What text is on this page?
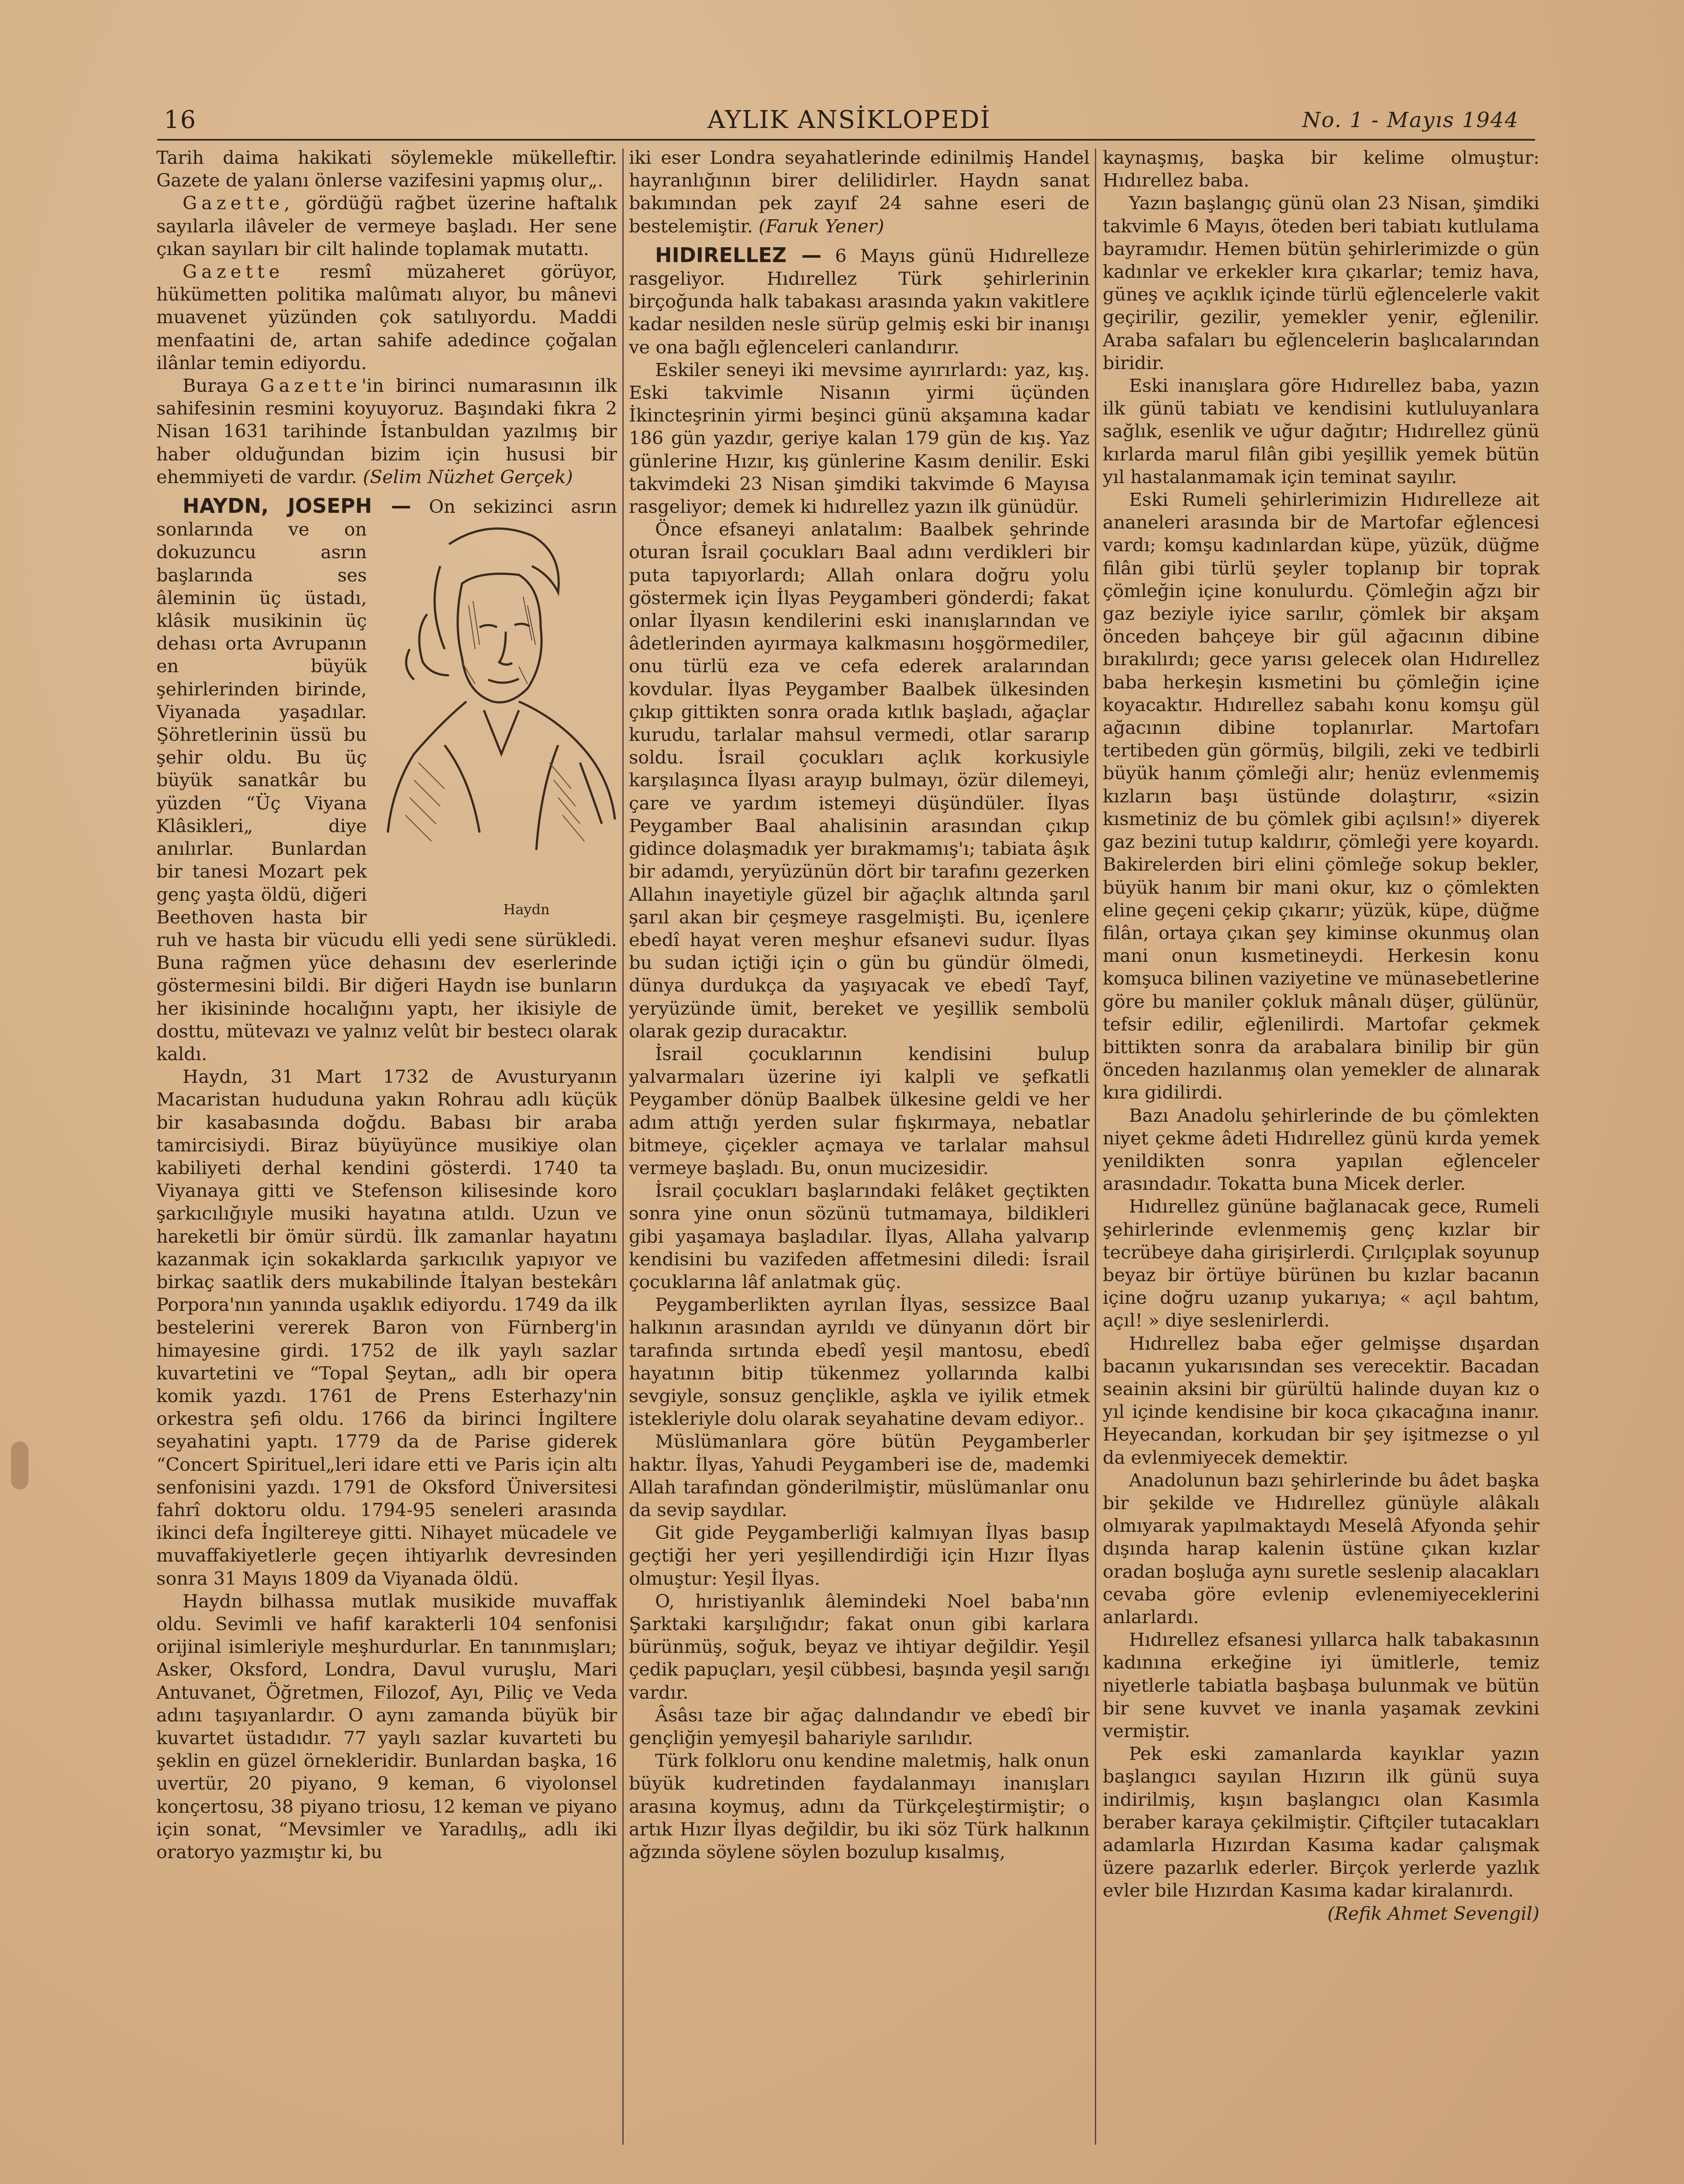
16	AYLIK ANSİKLOPEDİ	No. 1 - Mayıs 1944

Tarih daima hakikati söylemekle mükelleftir. Gazete de yalanı önlerse vazifesini yapmış olur„.

Gazette, gördüğü rağbet üzerine haftalık sayılarla ilâveler de vermeye başladı. Her sene çıkan sayıları bir cilt halinde toplamak mutattı.

Gazette resmî müzaheret görüyor, hükümetten politika malûmatı alıyor, bu mânevi muavenet yüzünden çok satılıyordu. Maddi menfaatini de, artan sahife adedince çoğalan ilânlar temin ediyordu.

Buraya Gazette'in birinci numarasının ilk sahifesinin resmini koyuyoruz. Başındaki fıkra 2 Nisan 1631 tarihinde İstanbuldan yazılmış bir haber olduğundan bizim için hususi bir ehemmiyeti de vardır. (Selim Nüzhet Gerçek)

HAYDN, JOSEPH —
Haydn
On sekizinci asrın sonlarında ve on dokuzuncu asrın başlarında ses âleminin üç üstadı, klâsik musikinin üç dehası orta Avrupanın en büyük şehirlerinden birinde, Viyanada yaşadılar. Şöhretlerinin üssü bu şehir oldu. Bu üç büyük sanatkâr bu yüzden “Üç Viyana Klâsikleri„ diye anılırlar. Bunlardan bir tanesi Mozart pek genç yaşta öldü, diğeri Beethoven hasta bir ruh ve hasta bir vücudu elli yedi sene sürükledi. Buna rağmen yüce dehasını dev eserlerinde göstermesini bildi. Bir diğeri Haydn ise bunların her ikisininde hocalığını yaptı, her ikisiyle de dosttu, mütevazı ve yalnız velût bir bestecı olarak kaldı.

Haydn, 31 Mart 1732 de Avusturyanın Macaristan hududuna yakın Rohrau adlı küçük bir kasabasında doğdu. Babası bir araba tamircisiydi. Biraz büyüyünce musikiye olan kabiliyeti derhal kendini gösterdi. 1740 ta Viyanaya gitti ve Stefenson kilisesinde koro şarkıcılığıyle musiki hayatına atıldı. Uzun ve hareketli bir ömür sürdü. İlk zamanlar hayatını kazanmak için sokaklarda şarkıcılık yapıyor ve birkaç saatlik ders mukabilinde İtalyan bestekârı Porpora'nın yanında uşaklık ediyordu. 1749 da ilk bestelerini vererek Baron von Fürnberg'in himayesine girdi. 1752 de ilk yaylı sazlar kuvartetini ve “Topal Şeytan„ adlı bir opera komik yazdı. 1761 de Prens Esterhazy'nin orkestra şefi oldu. 1766 da birinci İngiltere seyahatini yaptı. 1779 da de Parise giderek “Concert Spirituel„leri idare etti ve Paris için altı senfonisini yazdı. 1791 de Oksford Üniversitesi fahrî doktoru oldu. 1794-95 seneleri arasında ikinci defa İngiltereye gitti. Nihayet mücadele ve muvaffakiyetlerle geçen ihtiyarlık devresinden sonra 31 Mayıs 1809 da Viyanada öldü.

Haydn bilhassa mutlak musikide muvaffak oldu. Sevimli ve hafif karakterli 104 senfonisi orijinal isimleriyle meşhurdurlar. En tanınmışları; Asker, Oksford, Londra, Davul vuruşlu, Mari Antuvanet, Öğretmen, Filozof, Ayı, Piliç ve Veda adını taşıyanlardır. O aynı zamanda büyük bir kuvartet üstadıdır. 77 yaylı sazlar kuvarteti bu şeklin en güzel örnekleridir. Bunlardan başka, 16 uvertür, 20 piyano, 9 keman, 6 viyolonsel konçertosu, 38 piyano triosu, 12 keman ve piyano için sonat, “Mevsimler ve Yaradılış„ adlı iki oratoryo yazmıştır ki, bu

iki eser Londra seyahatlerinde edinilmiş Handel hayranlığının birer delilidirler. Haydn sanat bakımından pek zayıf 24 sahne eseri de bestelemiştir. (Faruk Yener)

HIDIRELLEZ — 6 Mayıs günü Hıdırelleze rasgeliyor. Hıdırellez Türk şehirlerinin birçoğunda halk tabakası arasında yakın vakitlere kadar nesilden nesle sürüp gelmiş eski bir inanışı ve ona bağlı eğlenceleri canlandırır.

Eskiler seneyi iki mevsime ayırırlardı: yaz, kış. Eski takvimle Nisanın yirmi üçünden İkincteşrinin yirmi beşinci günü akşamına kadar 186 gün yazdır, geriye kalan 179 gün de kış. Yaz günlerine Hızır, kış günlerine Kasım denilir. Eski takvimdeki 23 Nisan şimdiki takvimde 6 Mayısa rasgeliyor; demek ki hıdırellez yazın ilk günüdür.

Önce efsaneyi anlatalım: Baalbek şehrinde oturan İsrail çocukları Baal adını verdikleri bir puta tapıyorlardı; Allah onlara doğru yolu göstermek için İlyas Peygamberi gönderdi; fakat onlar İlyasın kendilerini eski inanışlarından ve âdetlerinden ayırmaya kalkmasını hoşgörmediler, onu türlü eza ve cefa ederek aralarından kovdular. İlyas Peygamber Baalbek ülkesinden çıkıp gittikten sonra orada kıtlık başladı, ağaçlar kurudu, tarlalar mahsul vermedi, otlar sararıp soldu. İsrail çocukları açlık korkusiyle karşılaşınca İlyası arayıp bulmayı, özür dilemeyi, çare ve yardım istemeyi düşündüler. İlyas Peygamber Baal ahalisinin arasından çıkıp gidince dolaşmadık yer bırakmamış'ı; tabiata âşık bir adamdı, yeryüzünün dört bir tarafını gezerken Allahın inayetiyle güzel bir ağaçlık altında şarıl şarıl akan bir çeşmeye rasgelmişti. Bu, içenlere ebedî hayat veren meşhur efsanevi sudur. İlyas bu sudan içtiği için o gün bu gündür ölmedi, dünya durdukça da yaşıyacak ve ebedî Tayf, yeryüzünde ümit, bereket ve yeşillik sembolü olarak gezip duracaktır.

İsrail çocuklarının kendisini bulup yalvarmaları üzerine iyi kalpli ve şefkatli Peygamber dönüp Baalbek ülkesine geldi ve her adım attığı yerden sular fışkırmaya, nebatlar bitmeye, çiçekler açmaya ve tarlalar mahsul vermeye başladı. Bu, onun mucizesidir.

İsrail çocukları başlarındaki felâket geçtikten sonra yine onun sözünü tutmamaya, bildikleri gibi yaşamaya başladılar. İlyas, Allaha yalvarıp kendisini bu vazifeden affetmesini diledi: İsrail çocuklarına lâf anlatmak güç.

Peygamberlikten ayrılan İlyas, sessizce Baal halkının arasından ayrıldı ve dünyanın dört bir tarafında sırtında ebedî yeşil mantosu, ebedî hayatının bitip tükenmez yollarında kalbi sevgiyle, sonsuz gençlikle, aşkla ve iyilik etmek istekleriyle dolu olarak seyahatine devam ediyor..

Müslümanlara göre bütün Peygamberler haktır. İlyas, Yahudi Peygamberi ise de, mademki Allah tarafından gönderilmiştir, müslümanlar onu da sevip saydılar.

Git gide Peygamberliği kalmıyan İlyas basıp geçtiği her yeri yeşillendirdiği için Hızır İlyas olmuştur: Yeşil İlyas.

O, hıristiyanlık âlemindeki Noel baba'nın Şarktaki karşılığıdır; fakat onun gibi karlara bürünmüş, soğuk, beyaz ve ihtiyar değildir. Yeşil çedik papuçları, yeşil cübbesi, başında yeşil sarığı vardır.

Âsâsı taze bir ağaç dalındandır ve ebedî bir gençliğin yemyeşil bahariyle sarılıdır.

Türk folkloru onu kendine maletmiş, halk onun büyük kudretinden faydalanmayı inanışları arasına koymuş, adını da Türkçeleştirmiştir; o artık Hızır İlyas değildir, bu iki söz Türk halkının ağzında söylene söylen bozulup kısalmış,

kaynaşmış, başka bir kelime olmuştur: Hıdırellez baba.

Yazın başlangıç günü olan 23 Nisan, şimdiki takvimle 6 Mayıs, öteden beri tabiatı kutlulama bayramıdır. Hemen bütün şehirlerimizde o gün kadınlar ve erkekler kıra çıkarlar; temiz hava, güneş ve açıklık içinde türlü eğlencelerle vakit geçirilir, gezilir, yemekler yenir, eğlenilir. Araba safaları bu eğlencelerin başlıcalarından biridir.

Eski inanışlara göre Hıdırellez baba, yazın ilk günü tabiatı ve kendisini kutluluyanlara sağlık, esenlik ve uğur dağıtır; Hıdırellez günü kırlarda marul filân gibi yeşillik yemek bütün yıl hastalanmamak için teminat sayılır.

Eski Rumeli şehirlerimizin Hıdırelleze ait ananeleri arasında bir de Martofar eğlencesi vardı; komşu kadınlardan küpe, yüzük, düğme filân gibi türlü şeyler toplanıp bir toprak çömleğin içine konulurdu. Çömleğin ağzı bir gaz beziyle iyice sarılır, çömlek bir akşam önceden bahçeye bir gül ağacının dibine bırakılırdı; gece yarısı gelecek olan Hıdırellez baba herkeşin kısmetini bu çömleğin içine koyacaktır. Hıdırellez sabahı konu komşu gül ağacının dibine toplanırlar. Martofarı tertibeden gün görmüş, bilgili, zeki ve tedbirli büyük hanım çömleği alır; henüz evlenmemiş kızların başı üstünde dolaştırır, «sizin kısmetiniz de bu çömlek gibi açılsın!» diyerek gaz bezini tutup kaldırır, çömleği yere koyardı. Bakirelerden biri elini çömleğe sokup bekler, büyük hanım bir mani okur, kız o çömlekten eline geçeni çekip çıkarır; yüzük, küpe, düğme filân, ortaya çıkan şey kiminse okunmuş olan mani onun kısmetineydi. Herkesin konu komşuca bilinen vaziyetine ve münasebetlerine göre bu maniler çokluk mânalı düşer, gülünür, tefsir edilir, eğlenilirdi. Martofar çekmek bittikten sonra da arabalara binilip bir gün önceden hazılanmış olan yemekler de alınarak kıra gidilirdi.

Bazı Anadolu şehirlerinde de bu çömlekten niyet çekme âdeti Hıdırellez günü kırda yemek yenildikten sonra yapılan eğlenceler arasındadır. Tokatta buna Micek derler.

Hıdırellez gününe bağlanacak gece, Rumeli şehirlerinde evlenmemiş genç kızlar bir tecrübeye daha girişirlerdi. Çırılçıplak soyunup beyaz bir örtüye bürünen bu kızlar bacanın içine doğru uzanıp yukarıya; « açıl bahtım, açıl! » diye seslenirlerdi.

Hıdırellez baba eğer gelmişse dışardan bacanın yukarısından ses verecektir. Bacadan seainin aksini bir gürültü halinde duyan kız o yıl içinde kendisine bir koca çıkacağına inanır. Heyecandan, korkudan bir şey işitmezse o yıl da evlenmiyecek demektir.

Anadolunun bazı şehirlerinde bu âdet başka bir şekilde ve Hıdırellez günüyle alâkalı olmıyarak yapılmaktaydı Meselâ Afyonda şehir dışında harap kalenin üstüne çıkan kızlar oradan boşluğa aynı suretle seslenip alacakları cevaba göre evlenip evlenemiyeceklerini anlarlardı.

Hıdırellez efsanesi yıllarca halk tabakasının kadınına erkeğine iyi ümitlerle, temiz niyetlerle tabiatla başbaşa bulunmak ve bütün bir sene kuvvet ve inanla yaşamak zevkini vermiştir.

Pek eski zamanlarda kayıklar yazın başlangıcı sayılan Hızırın ilk günü suya indirilmiş, kışın başlangıcı olan Kasımla beraber karaya çekilmiştir. Çiftçiler tutacakları adamlarla Hızırdan Kasıma kadar çalışmak üzere pazarlık ederler. Birçok yerlerde yazlık evler bile Hızırdan Kasıma kadar kiralanırdı.

(Refik Ahmet Sevengil)
